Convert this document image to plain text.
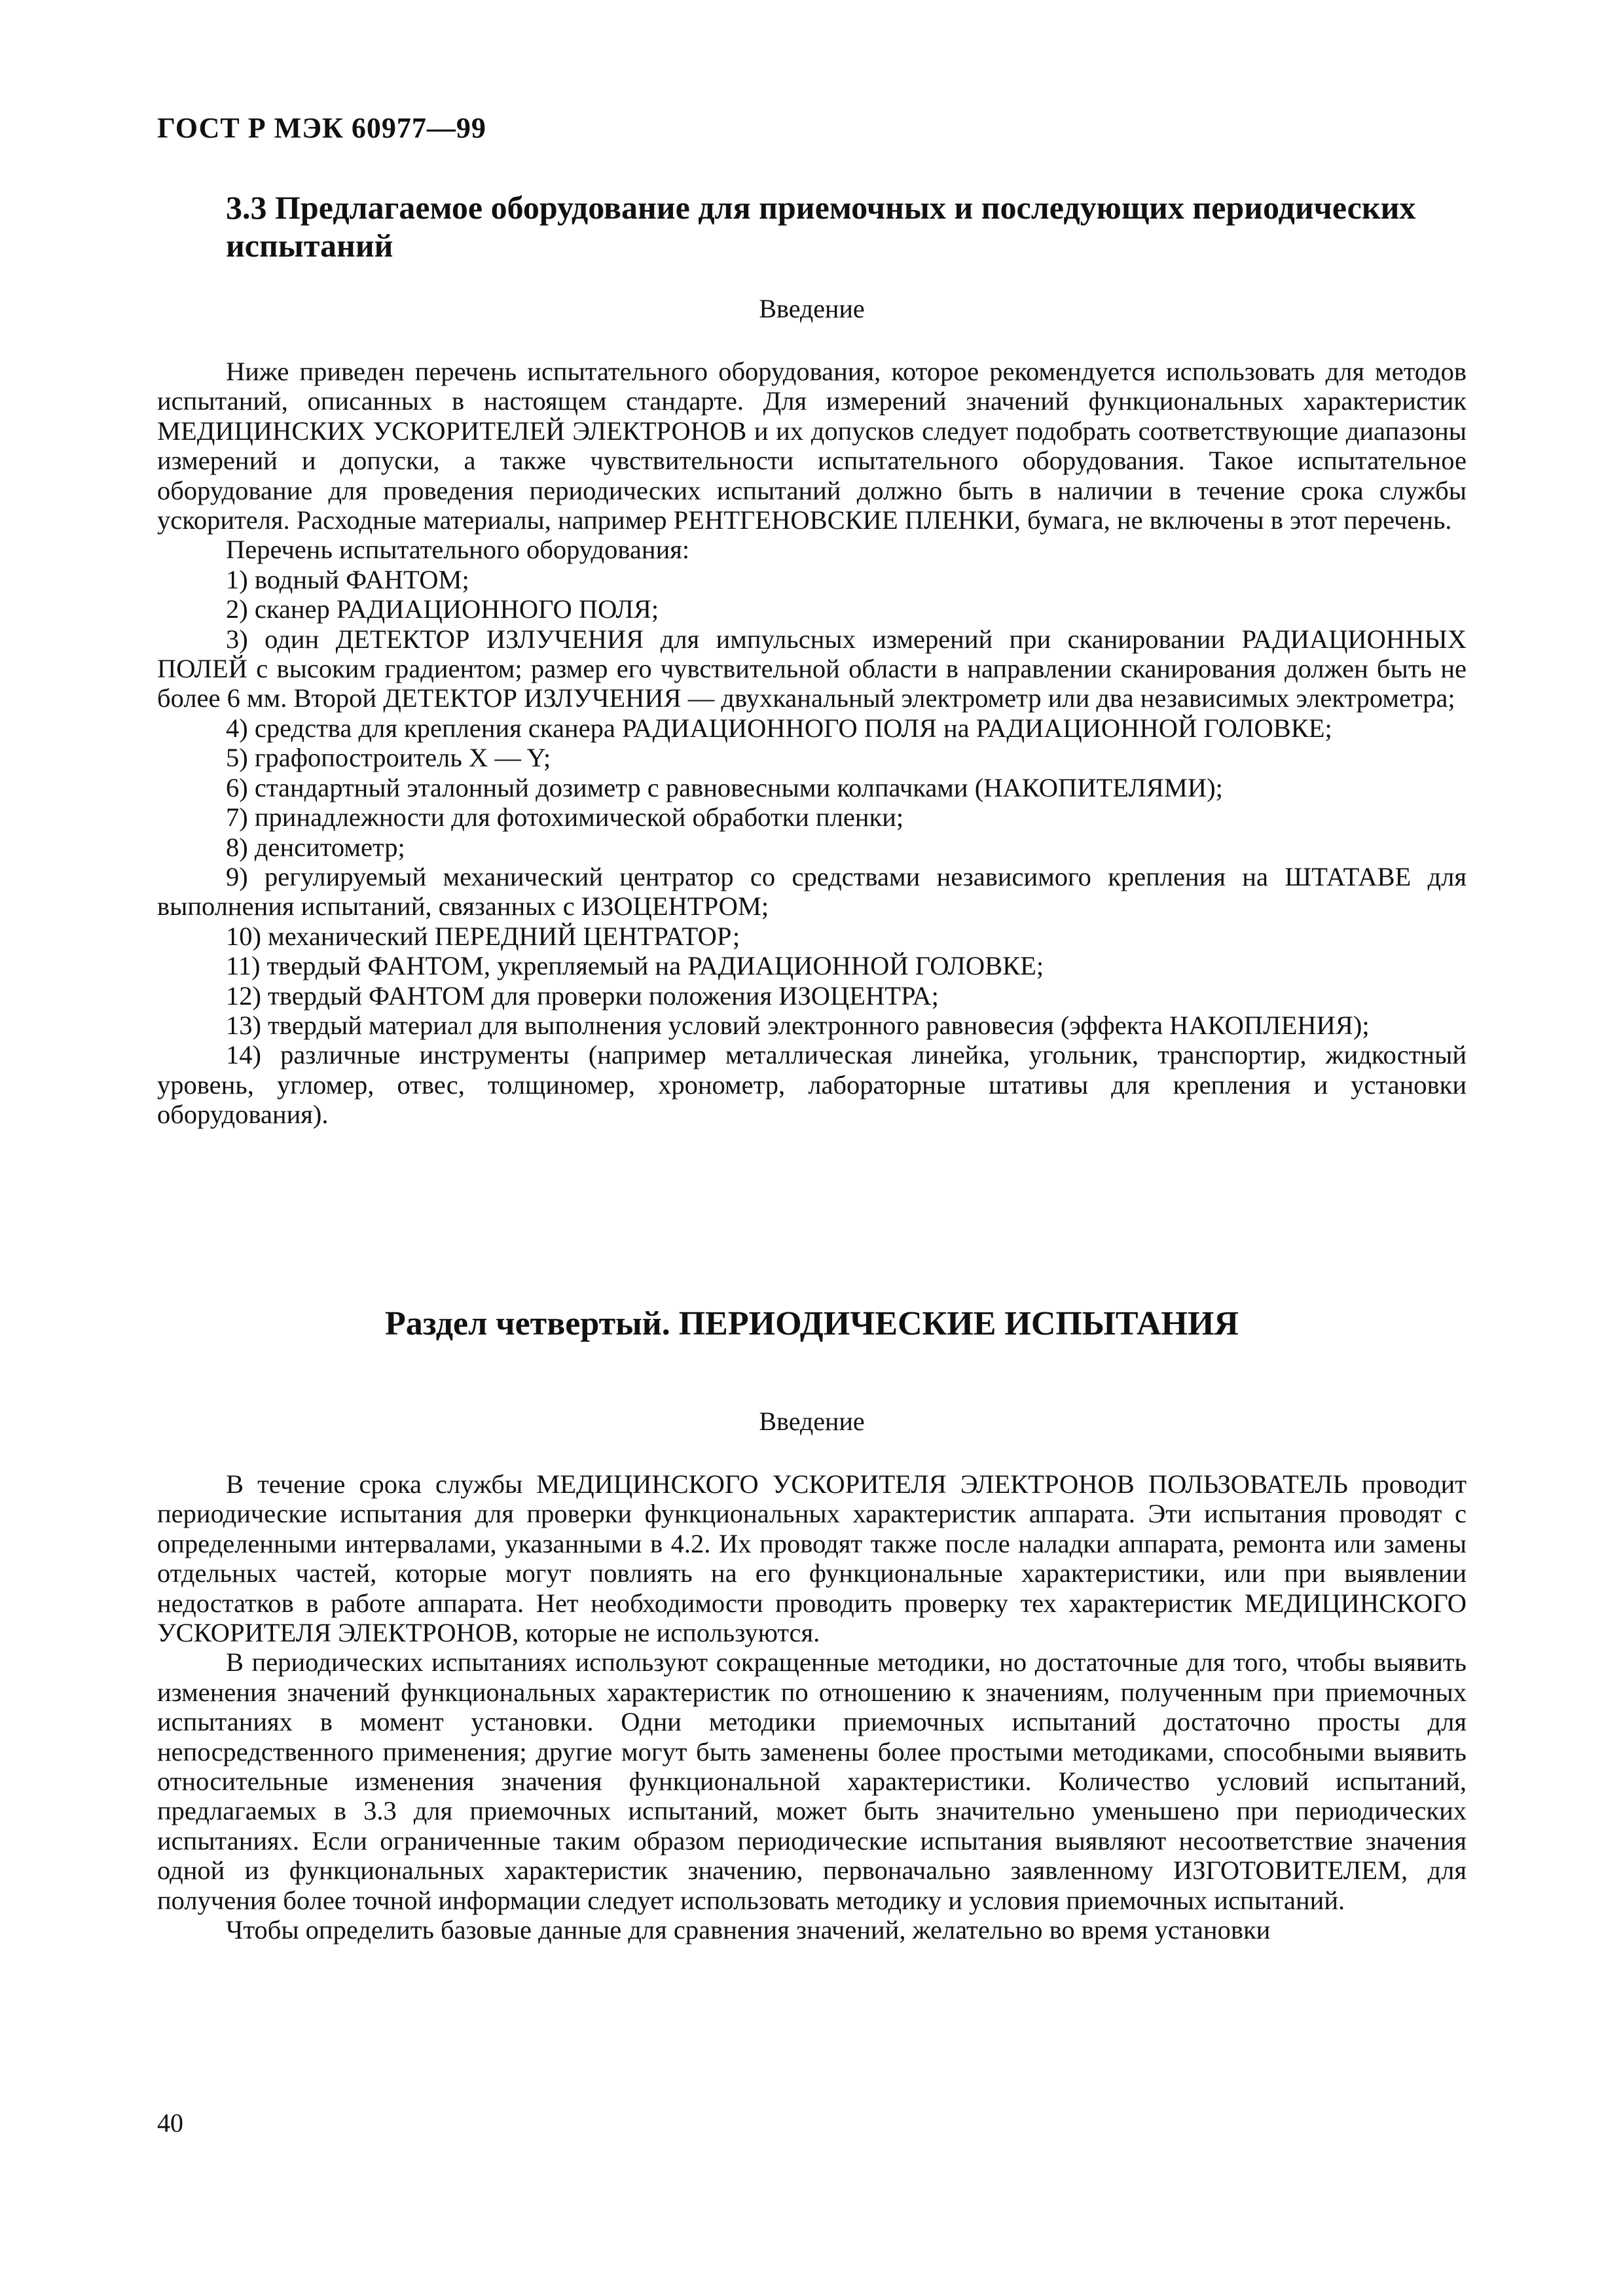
ГОСТ Р МЭК 60977—99
3.3 Предлагаемое оборудование для приемочных и последующих периодических испытаний
Введение

Ниже приведен перечень испытательного оборудования, которое рекомендуется использовать для методов испытаний, описанных в настоящем стандарте. Для измерений значений функциональных характеристик МЕДИЦИНСКИХ УСКОРИТЕЛЕЙ ЭЛЕКТРОНОВ и их допусков следует подобрать соответствующие диапазоны измерений и допуски, а также чувствительности испытательного оборудования. Такое испытательное оборудование для проведения периодических испытаний должно быть в наличии в течение срока службы ускорителя. Расходные материалы, например РЕНТГЕНОВСКИЕ ПЛЕНКИ, бумага, не включены в этот перечень.

Перечень испытательного оборудования:

1) водный ФАНТОМ;

2) сканер РАДИАЦИОННОГО ПОЛЯ;

3) один ДЕТЕКТОР ИЗЛУЧЕНИЯ для импульсных измерений при сканировании РАДИАЦИОННЫХ ПОЛЕЙ с высоким градиентом; размер его чувствительной области в направлении сканирования должен быть не более 6 мм. Второй ДЕТЕКТОР ИЗЛУЧЕНИЯ — двухканальный электрометр или два независимых электрометра;

4) средства для крепления сканера РАДИАЦИОННОГО ПОЛЯ на РАДИАЦИОННОЙ ГОЛОВКЕ;

5) графопостроитель X — Y;

6) стандартный эталонный дозиметр с равновесными колпачками (НАКОПИТЕЛЯМИ);

7) принадлежности для фотохимической обработки пленки;

8) денситометр;

9) регулируемый механический центратор со средствами независимого крепления на ШТАТАВЕ для выполнения испытаний, связанных с ИЗОЦЕНТРОМ;

10) механический ПЕРЕДНИЙ ЦЕНТРАТОР;

11) твердый ФАНТОМ, укрепляемый на РАДИАЦИОННОЙ ГОЛОВКЕ;

12) твердый ФАНТОМ для проверки положения ИЗОЦЕНТРА;

13) твердый материал для выполнения условий электронного равновесия (эффекта НАКОПЛЕНИЯ);

14) различные инструменты (например металлическая линейка, угольник, транспортир, жидкостный уровень, угломер, отвес, толщиномер, хронометр, лабораторные штативы для крепления и установки оборудования).

Раздел четвертый. ПЕРИОДИЧЕСКИЕ ИСПЫТАНИЯ
Введение

В течение срока службы МЕДИЦИНСКОГО УСКОРИТЕЛЯ ЭЛЕКТРОНОВ ПОЛЬЗОВАТЕЛЬ проводит периодические испытания для проверки функциональных характеристик аппарата. Эти испытания проводят с определенными интервалами, указанными в 4.2. Их проводят также после наладки аппарата, ремонта или замены отдельных частей, которые могут повлиять на его функциональные характеристики, или при выявлении недостатков в работе аппарата. Нет необходимости проводить проверку тех характеристик МЕДИЦИНСКОГО УСКОРИТЕЛЯ ЭЛЕКТРОНОВ, которые не используются.

В периодических испытаниях используют сокращенные методики, но достаточные для того, чтобы выявить изменения значений функциональных характеристик по отношению к значениям, полученным при приемочных испытаниях в момент установки. Одни методики приемочных испытаний достаточно просты для непосредственного применения; другие могут быть заменены более простыми методиками, способными выявить относительные изменения значения функциональной характеристики. Количество условий испытаний, предлагаемых в 3.3 для приемочных испытаний, может быть значительно уменьшено при периодических испытаниях. Если ограниченные таким образом периодические испытания выявляют несоответствие значения одной из функциональных характеристик значению, первоначально заявленному ИЗГОТОВИТЕЛЕМ, для получения более точной информации следует использовать методику и условия приемочных испытаний.

Чтобы определить базовые данные для сравнения значений, желательно во время установки

40
